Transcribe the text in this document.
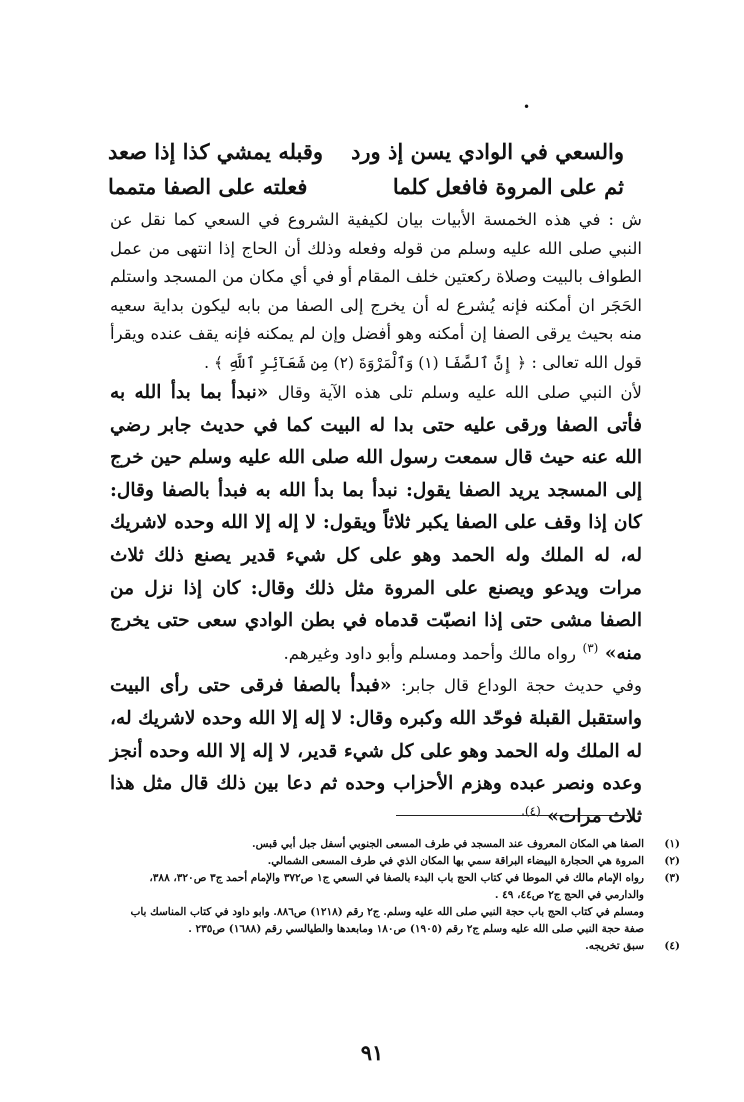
•
والسعي في الوادي يسن إذ ورد
وقبله يمشي كذا إذا صعد
ثم على المروة فافعل كلما
فعلته على الصفا متمما

ش : في هذه الخمسة الأبيات بيان لكيفية الشروع في السعي كما نقل عن النبي صلى الله عليه وسلم من قوله وفعله وذلك أن الحاج إذا انتهى من عمل الطواف بالبيت وصلاة ركعتين خلف المقام أو في أي مكان من المسجد واستلم الحَجَر ان أمكنه فإنه يُشرع له أن يخرج إلى الصفا من بابه ليكون بداية سعيه منه بحيث يرقى الصفا إن أمكنه وهو أفضل وإن لم يمكنه فإنه يقف عنده ويقرأ قول الله تعالى : ﴿ إِنَّ ٱلصَّفَا (١) وَٱلْمَرْوَةَ (٢) مِن شَعَآئِرِ ٱللَّهِ ﴾ .

لأن النبي صلى الله عليه وسلم تلى هذه الآية وقال «نبدأ بما بدأ الله به فأتى الصفا ورقى عليه حتى بدا له البيت كما في حديث جابر رضي الله عنه حيث قال سمعت رسول الله صلى الله عليه وسلم حين خرج إلى المسجد يريد الصفا يقول: نبدأ بما بدأ الله به فبدأ بالصفا وقال: كان إذا وقف على الصفا يكبر ثلاثاً ويقول: لا إله إلا الله وحده لاشريك له، له الملك وله الحمد وهو على كل شيء قدير يصنع ذلك ثلاث مرات ويدعو ويصنع على المروة مثل ذلك وقال: كان إذا نزل من الصفا مشى حتى إذا انصبّت قدماه في بطن الوادي سعى حتى يخرج منه» $^{(٣)}$ رواه مالك وأحمد ومسلم وأبو داود وغيرهم.

وفي حديث حجة الوداع قال جابر: «فبدأ بالصفا فرقى حتى رأى البيت واستقبل القبلة فوحّد الله وكبره وقال: لا إله إلا الله وحده لاشريك له، له الملك وله الحمد وهو على كل شيء قدير، لا إله إلا الله وحده أنجز وعده ونصر عبده وهزم الأحزاب وحده ثم دعا بين ذلك قال مثل هذا ثلاث مرات» $^{(٤).}$

(١)
الصفا هي المكان المعروف عند المسجد في طرف المسعى الجنوبي أسفل جبل أبي قبس.
(٢)
المروة هي الحجارة البيضاء البراقة سمي بها المكان الذي في طرف المسعى الشمالي.
(٣)
رواه الإمام مالك في الموطا في كتاب الحج باب البدء بالصفا في السعي ج١ ص٣٧٢ والإمام أحمد ج٣ ص٣٢٠، ٣٨٨، والدارمي في الحج ج٢ ص٤٤، ٤٩ .
ومسلم في كتاب الحج باب حجة النبي صلى الله عليه وسلم. ج٢ رقم (١٢١٨) ص٨٨٦. وابو داود في كتاب المناسك باب صفة حجة النبي صلى الله عليه وسلم ج٢ رقم (١٩٠٥) ص١٨٠ ومابعدها والطيالسي رقم (١٦٨٨) ص٢٣٥ .
(٤)
سبق تخريجه.
٩١
